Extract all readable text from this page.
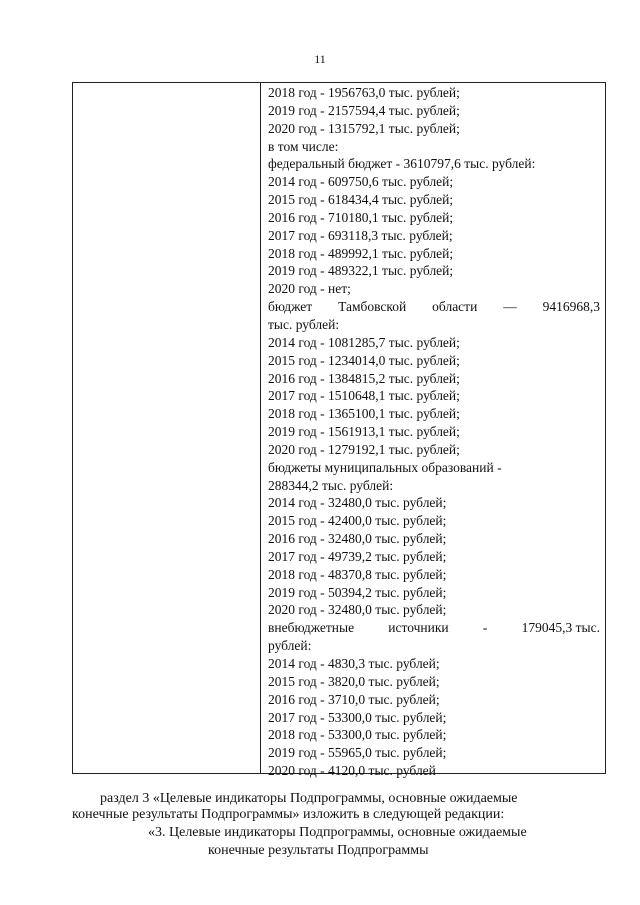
11
2018 год - 1956763,0 тыс. рублей;
2019 год - 2157594,4 тыс. рублей;
2020 год - 1315792,1 тыс. рублей;
в том числе:
федеральный бюджет - 3610797,6 тыс. рублей:
2014 год - 609750,6 тыс. рублей;
2015 год - 618434,4 тыс. рублей;
2016 год - 710180,1 тыс. рублей;
2017 год - 693118,3 тыс. рублей;
2018 год - 489992,1 тыс. рублей;
2019 год - 489322,1 тыс. рублей;
2020 год - нет;
бюджет Тамбовской области — 9416968,3
тыс. рублей:
2014 год - 1081285,7 тыс. рублей;
2015 год - 1234014,0 тыс. рублей;
2016 год - 1384815,2 тыс. рублей;
2017 год - 1510648,1 тыс. рублей;
2018 год - 1365100,1 тыс. рублей;
2019 год - 1561913,1 тыс. рублей;
2020 год - 1279192,1 тыс. рублей;
бюджеты муниципальных образований -
288344,2 тыс. рублей:
2014 год - 32480,0 тыс. рублей;
2015 год - 42400,0 тыс. рублей;
2016 год - 32480,0 тыс. рублей;
2017 год - 49739,2 тыс. рублей;
2018 год - 48370,8 тыс. рублей;
2019 год - 50394,2 тыс. рублей;
2020 год - 32480,0 тыс. рублей;
внебюджетные	источники	-	179045,3 тыс.
рублей:
2014 год - 4830,3 тыс. рублей;
2015 год - 3820,0 тыс. рублей;
2016 год - 3710,0 тыс. рублей;
2017 год - 53300,0 тыс. рублей;
2018 год - 53300,0 тыс. рублей;
2019 год - 55965,0 тыс. рублей;
2020 год - 4120,0 тыс. рублей
раздел 3 «Целевые индикаторы Подпрограммы, основные ожидаемые
конечные результаты Подпрограммы» изложить в следующей редакции:
«3. Целевые индикаторы Подпрограммы, основные ожидаемые
конечные результаты Подпрограммы
